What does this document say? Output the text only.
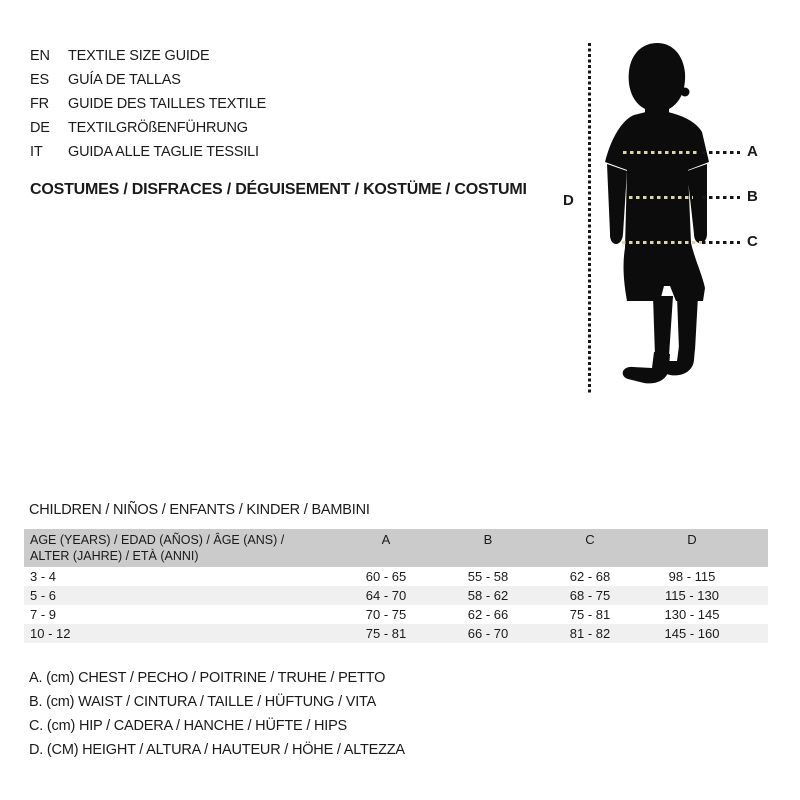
EN	TEXTILE SIZE GUIDE
ES	GUÍA DE TALLAS
FR	GUIDE DES TAILLES TEXTILE
DE	TEXTILGRÖßENFÜHRUNG
IT	GUIDA ALLE TAGLIE TESSILI
COSTUMES / DISFRACES / DÉGUISEMENT / KOSTÜME / COSTUMI
D
A
B
C
CHILDREN / NIÑOS / ENFANTS / KINDER / BAMBINI
AGE (YEARS) / EDAD (AÑOS) / ÂGE (ANS) /
ALTER (JAHRE) / ETÀ (ANNI)
A	B	C	D
3 - 4	60 - 65	55 - 58	62 - 68	98 - 115
5 - 6	64 - 70	58 - 62	68 - 75	115 - 130
7 - 9	70 - 75	62 - 66	75 - 81	130 - 145
10 - 12	75 - 81	66 - 70	81 - 82	145 - 160
A. (cm) CHEST / PECHO / POITRINE / TRUHE / PETTO
B. (cm) WAIST / CINTURA / TAILLE / HÜFTUNG / VITA
C. (cm) HIP / CADERA / HANCHE / HÜFTE / HIPS
D. (CM) HEIGHT / ALTURA / HAUTEUR / HÖHE / ALTEZZA
